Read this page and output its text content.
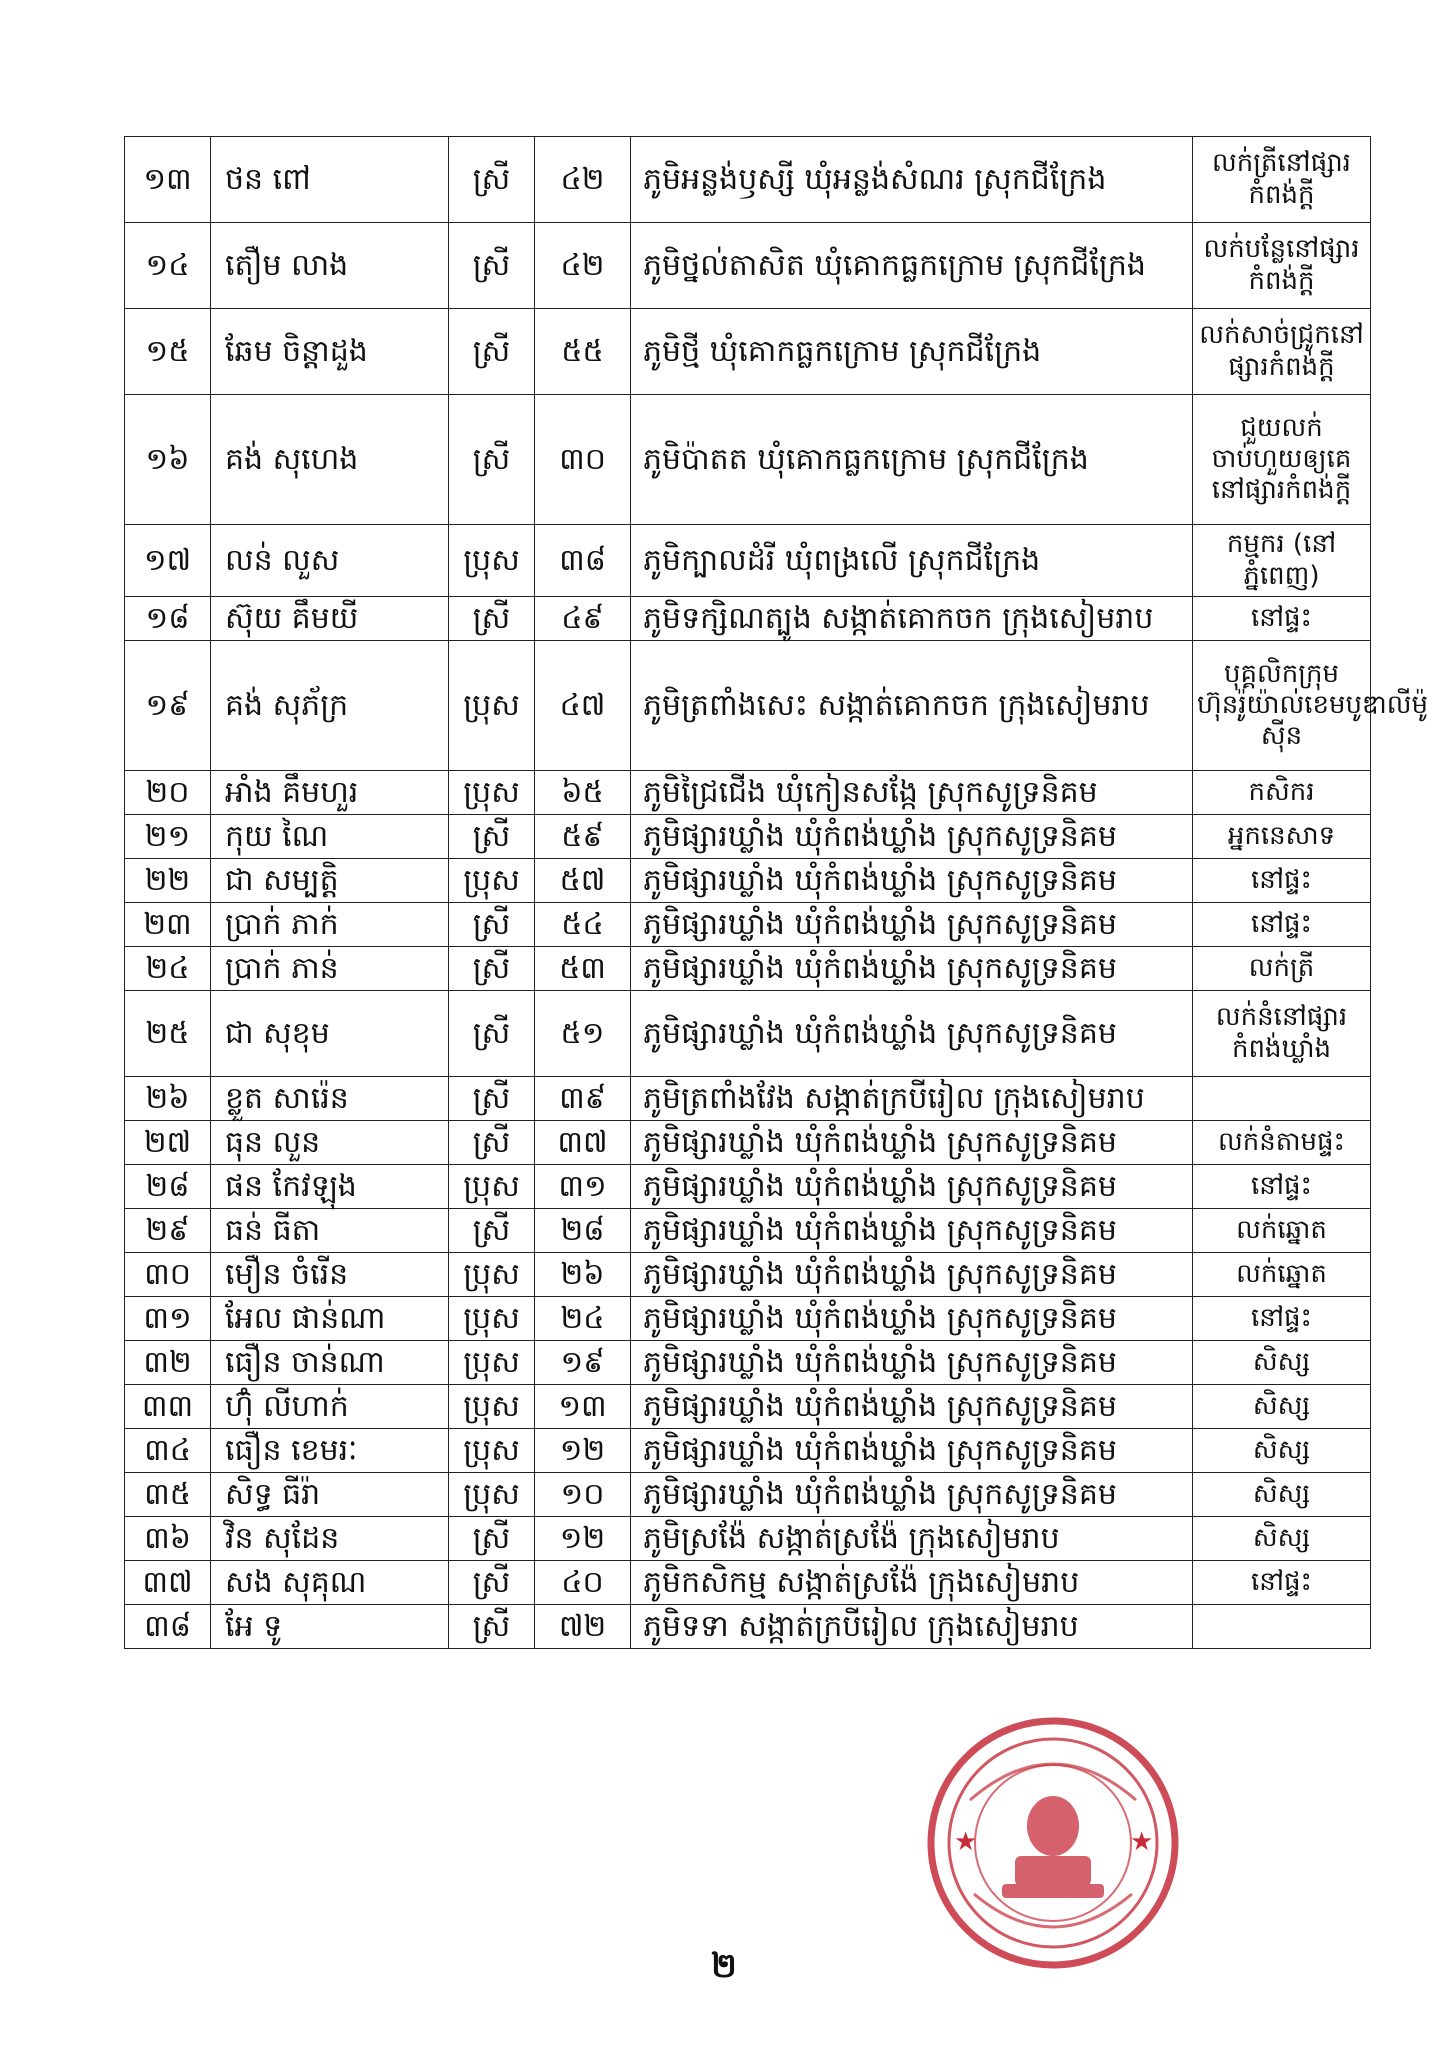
១៣	ថន ពៅ	ស្រី	៤២	ភូមិអន្លង់ឫស្សី ឃុំអន្លង់សំណរ ស្រុកជីក្រែង	លក់ត្រីនៅផ្សារកំពង់ក្តី
១៤	តឿម លាង	ស្រី	៤២	ភូមិថ្នល់តាសិត ឃុំគោកធ្លកក្រោម ស្រុកជីក្រែង	លក់បន្លែនៅផ្សារកំពង់ក្តី
១៥	ឆែម ចិន្តាដួង	ស្រី	៥៥	ភូមិថ្មី ឃុំគោកធ្លកក្រោម ស្រុកជីក្រែង	លក់សាច់ជ្រូកនៅផ្សារកំពង់ក្តី
១៦	គង់ សុហេង	ស្រី	៣០	ភូមិប៉ាតត ឃុំគោកធ្លកក្រោម ស្រុកជីក្រែង	ជួយលក់ចាប់ហួយឲ្យគេនៅផ្សារកំពង់ក្តី
១៧	លន់ លួស	ប្រុស	៣៨	ភូមិក្បាលដំរី ឃុំពង្រលើ ស្រុកជីក្រែង	កម្មករ (នៅភ្នំពេញ)
១៨	ស៊ុយ គឹមយី	ស្រី	៤៩	ភូមិទក្សិណត្បូង សង្កាត់គោកចក ក្រុងសៀមរាប	នៅផ្ទះ
១៩	គង់ សុភ័ក្រ	ប្រុស	៤៧	ភូមិត្រពាំងសេះ សង្កាត់គោកចក ក្រុងសៀមរាប	បុគ្គលិកក្រុមហ៊ុនរ៉ូយ៉ាល់ខេមបូឌាលីម៉ូស៊ីន
២០	អាំង គឹមហួរ	ប្រុស	៦៥	ភូមិជ្រៃជើង ឃុំកៀនសង្កែ ស្រុកសូទ្រនិគម	កសិករ
២១	កុយ ណៃ	ស្រី	៥៩	ភូមិផ្សារឃ្លាំង ឃុំកំពង់ឃ្លាំង ស្រុកសូទ្រនិគម	អ្នកនេសាទ
២២	ជា សម្បត្តិ	ប្រុស	៥៧	ភូមិផ្សារឃ្លាំង ឃុំកំពង់ឃ្លាំង ស្រុកសូទ្រនិគម	នៅផ្ទះ
២៣	ប្រាក់ ភាក់	ស្រី	៥៤	ភូមិផ្សារឃ្លាំង ឃុំកំពង់ឃ្លាំង ស្រុកសូទ្រនិគម	នៅផ្ទះ
២៤	ប្រាក់ ភាន់	ស្រី	៥៣	ភូមិផ្សារឃ្លាំង ឃុំកំពង់ឃ្លាំង ស្រុកសូទ្រនិគម	លក់ត្រី
២៥	ជា សុខុម	ស្រី	៥១	ភូមិផ្សារឃ្លាំង ឃុំកំពង់ឃ្លាំង ស្រុកសូទ្រនិគម	លក់នំនៅផ្សារកំពង់ឃ្លាំង
២៦	ខ្លួត សារ៉េន	ស្រី	៣៩	ភូមិត្រពាំងវែង សង្កាត់ក្របីរៀល ក្រុងសៀមរាប	
២៧	ធុន លួន	ស្រី	៣៧	ភូមិផ្សារឃ្លាំង ឃុំកំពង់ឃ្លាំង ស្រុកសូទ្រនិគម	លក់នំតាមផ្ទះ
២៨	ផន កែវឡុង	ប្រុស	៣១	ភូមិផ្សារឃ្លាំង ឃុំកំពង់ឃ្លាំង ស្រុកសូទ្រនិគម	នៅផ្ទះ
២៩	ធន់ ធីតា	ស្រី	២៨	ភូមិផ្សារឃ្លាំង ឃុំកំពង់ឃ្លាំង ស្រុកសូទ្រនិគម	លក់ឆ្នោត
៣០	មឿន ចំរើន	ប្រុស	២៦	ភូមិផ្សារឃ្លាំង ឃុំកំពង់ឃ្លាំង ស្រុកសូទ្រនិគម	លក់ឆ្នោត
៣១	អែល ផាន់ណា	ប្រុស	២៤	ភូមិផ្សារឃ្លាំង ឃុំកំពង់ឃ្លាំង ស្រុកសូទ្រនិគម	នៅផ្ទះ
៣២	ធឿន ចាន់ណា	ប្រុស	១៩	ភូមិផ្សារឃ្លាំង ឃុំកំពង់ឃ្លាំង ស្រុកសូទ្រនិគម	សិស្ស
៣៣	ហ៊ុំ លីហាក់	ប្រុស	១៣	ភូមិផ្សារឃ្លាំង ឃុំកំពង់ឃ្លាំង ស្រុកសូទ្រនិគម	សិស្ស
៣៤	ធឿន ខេមរៈ	ប្រុស	១២	ភូមិផ្សារឃ្លាំង ឃុំកំពង់ឃ្លាំង ស្រុកសូទ្រនិគម	សិស្ស
៣៥	សិទ្ធ ធីរ៉ា	ប្រុស	១០	ភូមិផ្សារឃ្លាំង ឃុំកំពង់ឃ្លាំង ស្រុកសូទ្រនិគម	សិស្ស
៣៦	វិន សុដែន	ស្រី	១២	ភូមិស្រង៉ែ សង្កាត់ស្រង៉ែ ក្រុងសៀមរាប	សិស្ស
៣៧	សង សុគុណ	ស្រី	៤០	ភូមិកសិកម្ម សង្កាត់ស្រង៉ែ ក្រុងសៀមរាប	នៅផ្ទះ
៣៨	អែ ទូ	ស្រី	៧២	ភូមិទទា សង្កាត់ក្របីរៀល ក្រុងសៀមរាប	
★	★
២
